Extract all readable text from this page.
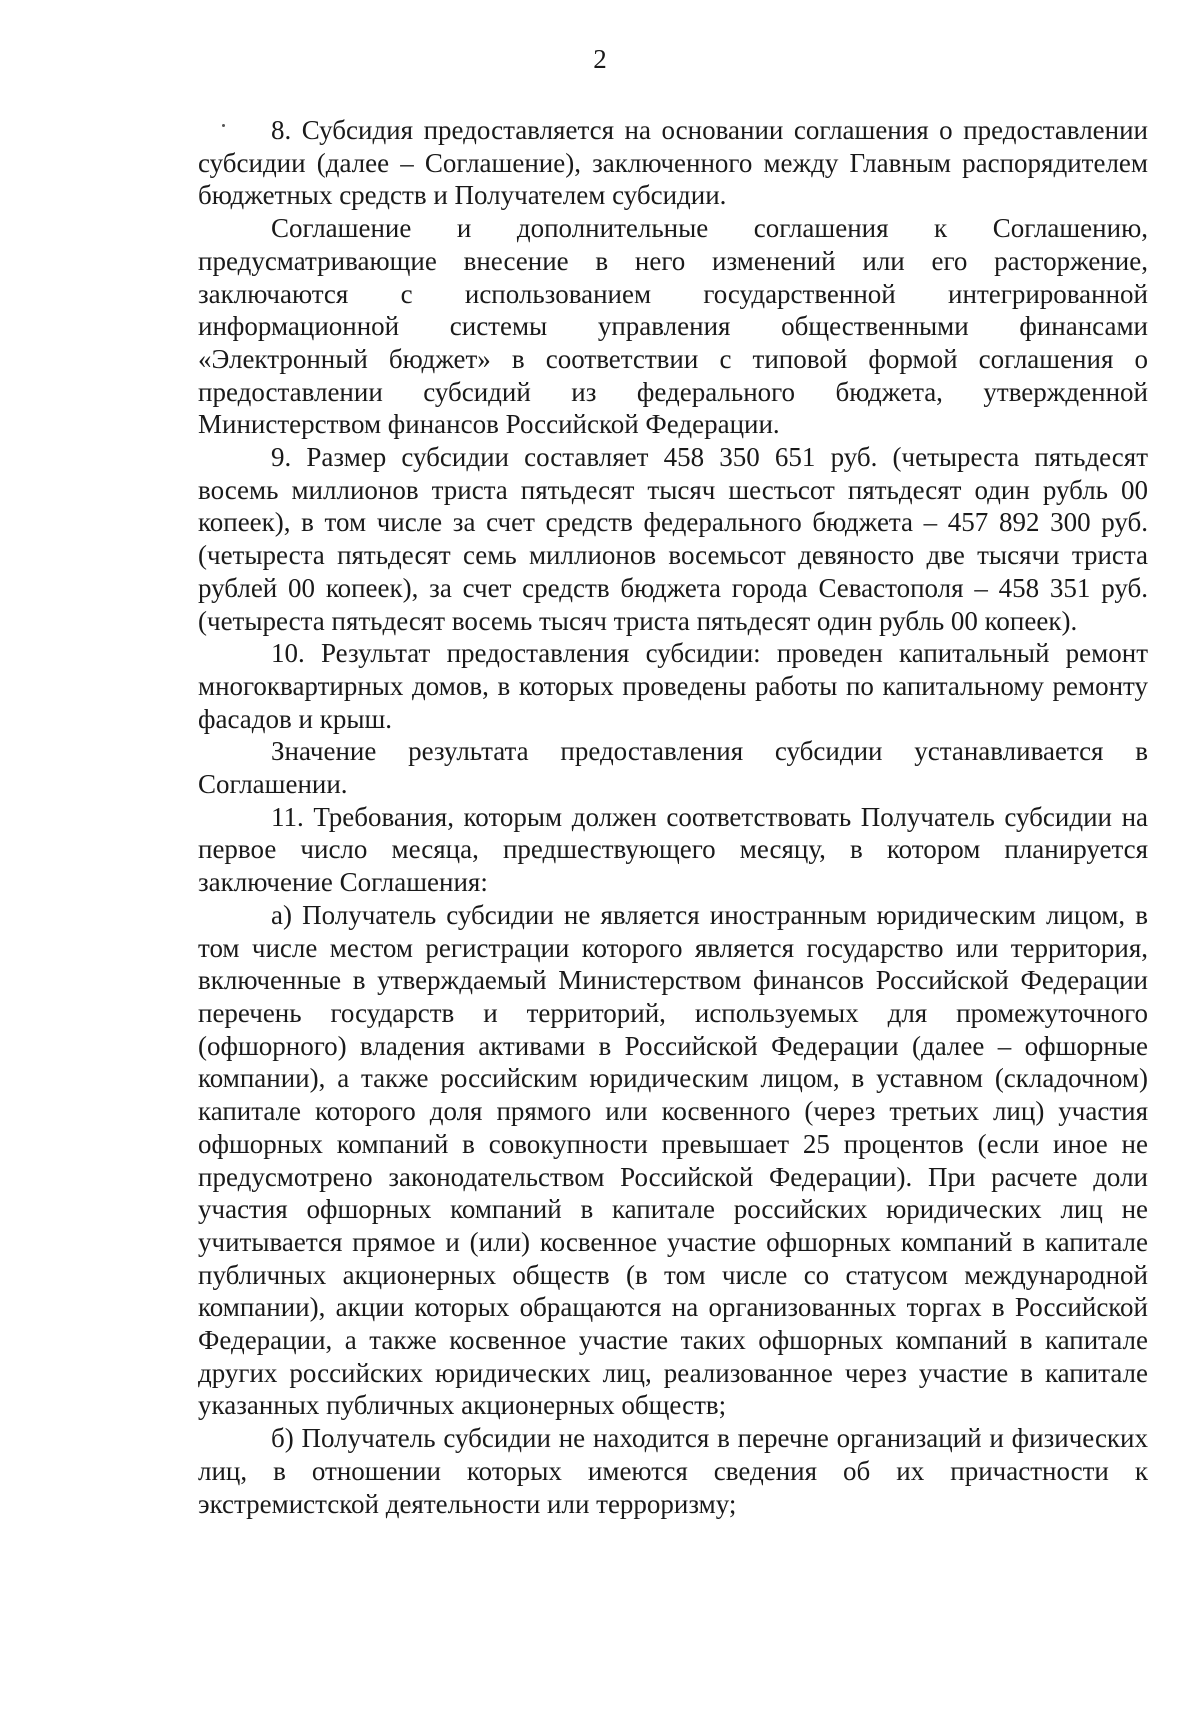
2

8. Субсидия предоставляется на основании соглашения о предоставлении субсидии (далее – Соглашение), заключенного между Главным распорядителем бюджетных средств и Получателем субсидии.

Соглашение и дополнительные соглашения к Соглашению, предусматривающие внесение в него изменений или его расторжение, заключаются с использованием государственной интегрированной информационной системы управления общественными финансами «Электронный бюджет» в соответствии с типовой формой соглашения о предоставлении субсидий из федерального бюджета, утвержденной Министерством финансов Российской Федерации.

9. Размер субсидии составляет 458 350 651 руб. (четыреста пятьдесят восемь миллионов триста пятьдесят тысяч шестьсот пятьдесят один рубль 00 копеек), в том числе за счет средств федерального бюджета – 457 892 300 руб. (четыреста пятьдесят семь миллионов восемьсот девяносто две тысячи триста рублей 00 копеек), за счет средств бюджета города Севастополя – 458 351 руб. (четыреста пятьдесят восемь тысяч триста пятьдесят один рубль 00 копеек).

10. Результат предоставления субсидии: проведен капитальный ремонт многоквартирных домов, в которых проведены работы по капитальному ремонту фасадов и крыш.

Значение результата предоставления субсидии устанавливается в Соглашении.

11. Требования, которым должен соответствовать Получатель субсидии на первое число месяца, предшествующего месяцу, в котором планируется заключение Соглашения:

а) Получатель субсидии не является иностранным юридическим лицом, в том числе местом регистрации которого является государство или территория, включенные в утверждаемый Министерством финансов Российской Федерации перечень государств и территорий, используемых для промежуточного (офшорного) владения активами в Российской Федерации (далее – офшорные компании), а также российским юридическим лицом, в уставном (складочном) капитале которого доля прямого или косвенного (через третьих лиц) участия офшорных компаний в совокупности превышает 25 процентов (если иное не предусмотрено законодательством Российской Федерации). При расчете доли участия офшорных компаний в капитале российских юридических лиц не учитывается прямое и (или) косвенное участие офшорных компаний в капитале публичных акционерных обществ (в том числе со статусом международной компании), акции которых обращаются на организованных торгах в Российской Федерации, а также косвенное участие таких офшорных компаний в капитале других российских юридических лиц, реализованное через участие в капитале указанных публичных акционерных обществ;

б) Получатель субсидии не находится в перечне организаций и физических лиц, в отношении которых имеются сведения об их причастности к экстремистской деятельности или терроризму;
